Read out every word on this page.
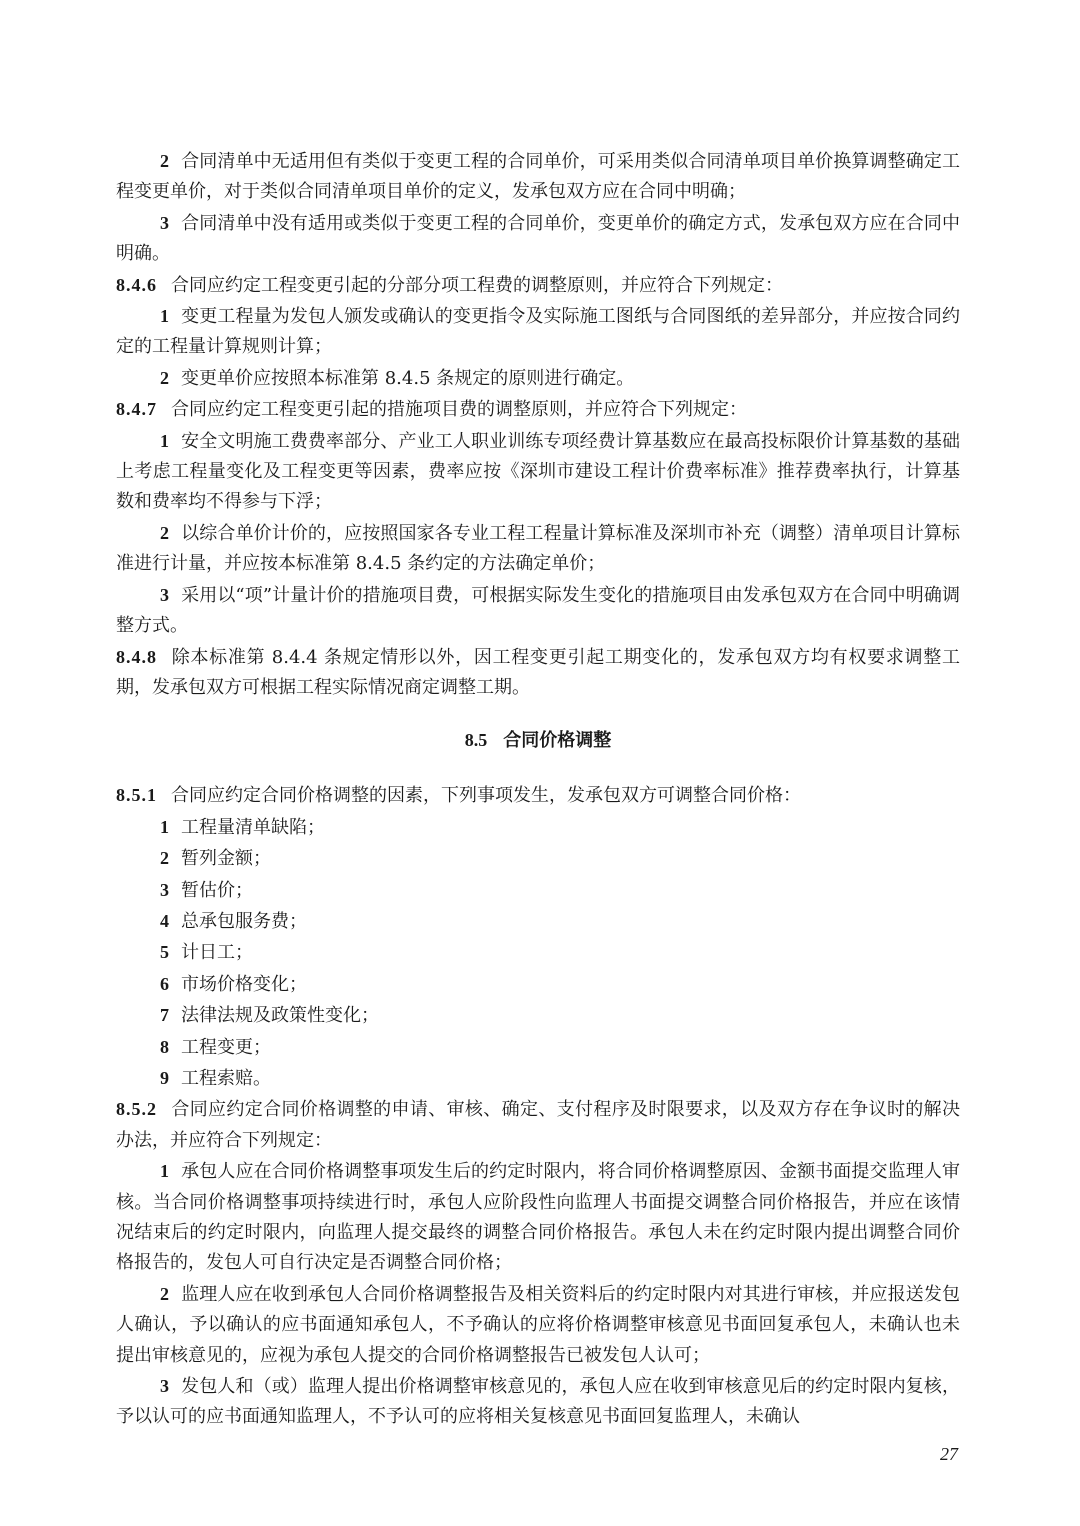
2 合同清单中无适用但有类似于变更工程的合同单价，可采用类似合同清单项目单价换算调整确定工程变更单价，对于类似合同清单项目单价的定义，发承包双方应在合同中明确；

3 合同清单中没有适用或类似于变更工程的合同单价，变更单价的确定方式，发承包双方应在合同中明确。

8.4.6 合同应约定工程变更引起的分部分项工程费的调整原则，并应符合下列规定：

1 变更工程量为发包人颁发或确认的变更指令及实际施工图纸与合同图纸的差异部分，并应按合同约定的工程量计算规则计算；

2 变更单价应按照本标准第 8.4.5 条规定的原则进行确定。

8.4.7 合同应约定工程变更引起的措施项目费的调整原则，并应符合下列规定：

1 安全文明施工费费率部分、产业工人职业训练专项经费计算基数应在最高投标限价计算基数的基础上考虑工程量变化及工程变更等因素，费率应按《深圳市建设工程计价费率标准》推荐费率执行，计算基数和费率均不得参与下浮；

2 以综合单价计价的，应按照国家各专业工程工程量计算标准及深圳市补充（调整）清单项目计算标准进行计量，并应按本标准第 8.4.5 条约定的方法确定单价；

3 采用以“项”计量计价的措施项目费，可根据实际发生变化的措施项目由发承包双方在合同中明确调整方式。

8.4.8 除本标准第 8.4.4 条规定情形以外，因工程变更引起工期变化的，发承包双方均有权要求调整工期，发承包双方可根据工程实际情况商定调整工期。

8.5 合同价格调整

8.5.1 合同应约定合同价格调整的因素，下列事项发生，发承包双方可调整合同价格：

1 工程量清单缺陷；

2 暂列金额；

3 暂估价；

4 总承包服务费；

5 计日工；

6 市场价格变化；

7 法律法规及政策性变化；

8 工程变更；

9 工程索赔。

8.5.2 合同应约定合同价格调整的申请、审核、确定、支付程序及时限要求，以及双方存在争议时的解决办法，并应符合下列规定：

1 承包人应在合同价格调整事项发生后的约定时限内，将合同价格调整原因、金额书面提交监理人审核。当合同价格调整事项持续进行时，承包人应阶段性向监理人书面提交调整合同价格报告，并应在该情况结束后的约定时限内，向监理人提交最终的调整合同价格报告。承包人未在约定时限内提出调整合同价格报告的，发包人可自行决定是否调整合同价格；

2 监理人应在收到承包人合同价格调整报告及相关资料后的约定时限内对其进行审核，并应报送发包人确认，予以确认的应书面通知承包人，不予确认的应将价格调整审核意见书面回复承包人，未确认也未提出审核意见的，应视为承包人提交的合同价格调整报告已被发包人认可；

3 发包人和（或）监理人提出价格调整审核意见的，承包人应在收到审核意见后的约定时限内复核，予以认可的应书面通知监理人，不予认可的应将相关复核意见书面回复监理人，未确认

27
